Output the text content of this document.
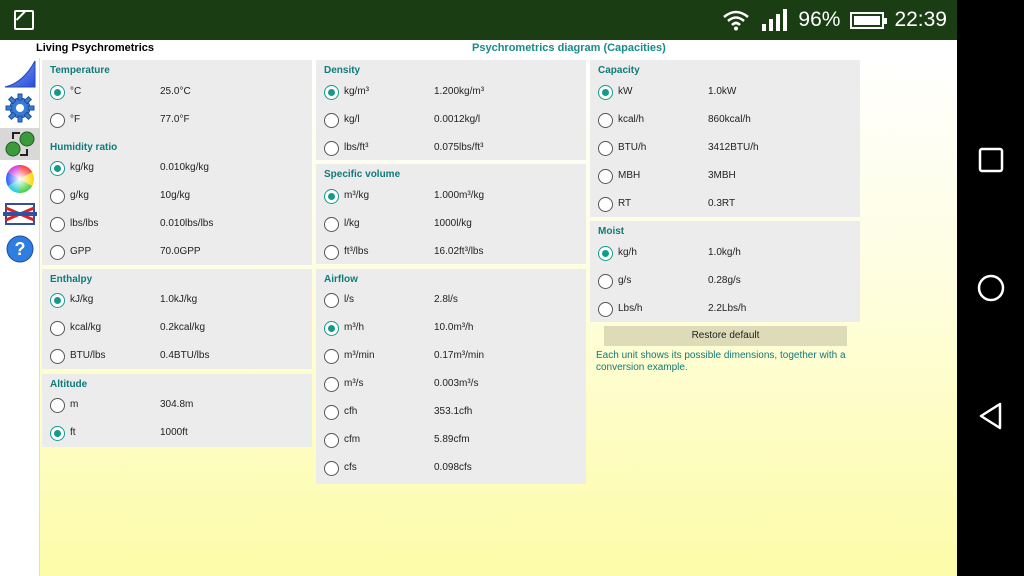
96%	22:39
Living Psychrometrics	Psychrometrics diagram (Capacities)
?
Temperature
°C	25.0°C
°F	77.0°F
Humidity ratio
kg/kg	0.010kg/kg
g/kg	10g/kg
lbs/lbs	0.010lbs/lbs
GPP	70.0GPP
Enthalpy
kJ/kg	1.0kJ/kg
kcal/kg	0.2kcal/kg
BTU/lbs	0.4BTU/lbs
Altitude
m	304.8m
ft	1000ft
Density
kg/m³	1.200kg/m³
kg/l	0.0012kg/l
lbs/ft³	0.075lbs/ft³
Specific volume
m³/kg	1.000m³/kg
l/kg	1000l/kg
ft³/lbs	16.02ft³/lbs
Airflow
l/s	2.8l/s
m³/h	10.0m³/h
m³/min	0.17m³/min
m³/s	0.003m³/s
cfh	353.1cfh
cfm	5.89cfm
cfs	0.098cfs
Capacity
kW	1.0kW
kcal/h	860kcal/h
BTU/h	3412BTU/h
MBH	3MBH
RT	0.3RT
Moist
kg/h	1.0kg/h
g/s	0.28g/s
Lbs/h	2.2Lbs/h
Restore default
Each unit shows its possible dimensions, together with a conversion example.
